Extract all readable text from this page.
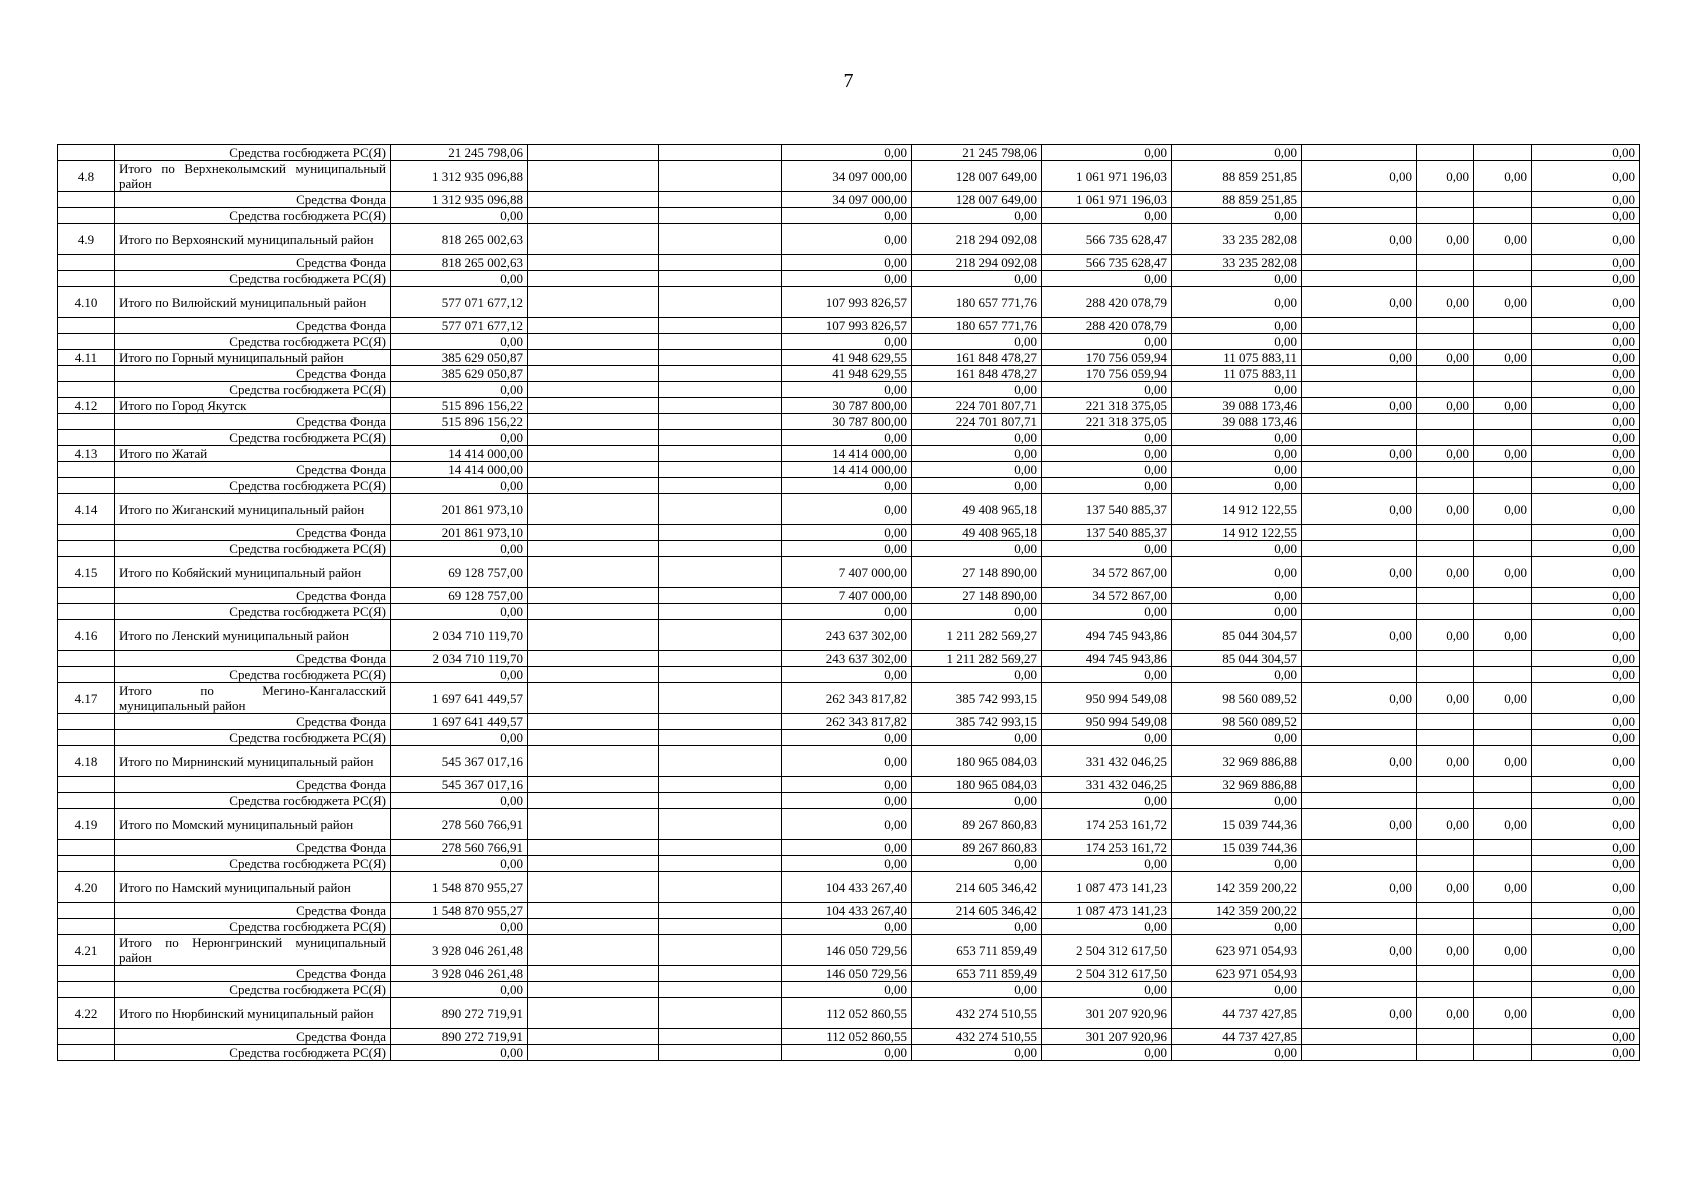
7
	Средства госбюджета РС(Я)	21 245 798,06			0,00	21 245 798,06	0,00	0,00				0,00
4.8	Итого по Верхнеколымский муниципальный район	1 312 935 096,88			34 097 000,00	128 007 649,00	1 061 971 196,03	88 859 251,85	0,00	0,00	0,00	0,00
	Средства Фонда	1 312 935 096,88			34 097 000,00	128 007 649,00	1 061 971 196,03	88 859 251,85				0,00
	Средства госбюджета РС(Я)	0,00			0,00	0,00	0,00	0,00				0,00
4.9	Итого по Верхоянский муниципальный район	818 265 002,63			0,00	218 294 092,08	566 735 628,47	33 235 282,08	0,00	0,00	0,00	0,00
	Средства Фонда	818 265 002,63			0,00	218 294 092,08	566 735 628,47	33 235 282,08				0,00
	Средства госбюджета РС(Я)	0,00			0,00	0,00	0,00	0,00				0,00
4.10	Итого по Вилюйский муниципальный район	577 071 677,12			107 993 826,57	180 657 771,76	288 420 078,79	0,00	0,00	0,00	0,00	0,00
	Средства Фонда	577 071 677,12			107 993 826,57	180 657 771,76	288 420 078,79	0,00				0,00
	Средства госбюджета РС(Я)	0,00			0,00	0,00	0,00	0,00				0,00
4.11	Итого по Горный муниципальный район	385 629 050,87			41 948 629,55	161 848 478,27	170 756 059,94	11 075 883,11	0,00	0,00	0,00	0,00
	Средства Фонда	385 629 050,87			41 948 629,55	161 848 478,27	170 756 059,94	11 075 883,11				0,00
	Средства госбюджета РС(Я)	0,00			0,00	0,00	0,00	0,00				0,00
4.12	Итого по Город Якутск	515 896 156,22			30 787 800,00	224 701 807,71	221 318 375,05	39 088 173,46	0,00	0,00	0,00	0,00
	Средства Фонда	515 896 156,22			30 787 800,00	224 701 807,71	221 318 375,05	39 088 173,46				0,00
	Средства госбюджета РС(Я)	0,00			0,00	0,00	0,00	0,00				0,00
4.13	Итого по Жатай	14 414 000,00			14 414 000,00	0,00	0,00	0,00	0,00	0,00	0,00	0,00
	Средства Фонда	14 414 000,00			14 414 000,00	0,00	0,00	0,00				0,00
	Средства госбюджета РС(Я)	0,00			0,00	0,00	0,00	0,00				0,00
4.14	Итого по Жиганский муниципальный район	201 861 973,10			0,00	49 408 965,18	137 540 885,37	14 912 122,55	0,00	0,00	0,00	0,00
	Средства Фонда	201 861 973,10			0,00	49 408 965,18	137 540 885,37	14 912 122,55				0,00
	Средства госбюджета РС(Я)	0,00			0,00	0,00	0,00	0,00				0,00
4.15	Итого по Кобяйский муниципальный район	69 128 757,00			7 407 000,00	27 148 890,00	34 572 867,00	0,00	0,00	0,00	0,00	0,00
	Средства Фонда	69 128 757,00			7 407 000,00	27 148 890,00	34 572 867,00	0,00				0,00
	Средства госбюджета РС(Я)	0,00			0,00	0,00	0,00	0,00				0,00
4.16	Итого по Ленский муниципальный район	2 034 710 119,70			243 637 302,00	1 211 282 569,27	494 745 943,86	85 044 304,57	0,00	0,00	0,00	0,00
	Средства Фонда	2 034 710 119,70			243 637 302,00	1 211 282 569,27	494 745 943,86	85 044 304,57				0,00
	Средства госбюджета РС(Я)	0,00			0,00	0,00	0,00	0,00				0,00
4.17	Итого по Мегино-Кангаласский муниципальный район	1 697 641 449,57			262 343 817,82	385 742 993,15	950 994 549,08	98 560 089,52	0,00	0,00	0,00	0,00
	Средства Фонда	1 697 641 449,57			262 343 817,82	385 742 993,15	950 994 549,08	98 560 089,52				0,00
	Средства госбюджета РС(Я)	0,00			0,00	0,00	0,00	0,00				0,00
4.18	Итого по Мирнинский муниципальный район	545 367 017,16			0,00	180 965 084,03	331 432 046,25	32 969 886,88	0,00	0,00	0,00	0,00
	Средства Фонда	545 367 017,16			0,00	180 965 084,03	331 432 046,25	32 969 886,88				0,00
	Средства госбюджета РС(Я)	0,00			0,00	0,00	0,00	0,00				0,00
4.19	Итого по Момский муниципальный район	278 560 766,91			0,00	89 267 860,83	174 253 161,72	15 039 744,36	0,00	0,00	0,00	0,00
	Средства Фонда	278 560 766,91			0,00	89 267 860,83	174 253 161,72	15 039 744,36				0,00
	Средства госбюджета РС(Я)	0,00			0,00	0,00	0,00	0,00				0,00
4.20	Итого по Намский муниципальный район	1 548 870 955,27			104 433 267,40	214 605 346,42	1 087 473 141,23	142 359 200,22	0,00	0,00	0,00	0,00
	Средства Фонда	1 548 870 955,27			104 433 267,40	214 605 346,42	1 087 473 141,23	142 359 200,22				0,00
	Средства госбюджета РС(Я)	0,00			0,00	0,00	0,00	0,00				0,00
4.21	Итого по Нерюнгринский муниципальный район	3 928 046 261,48			146 050 729,56	653 711 859,49	2 504 312 617,50	623 971 054,93	0,00	0,00	0,00	0,00
	Средства Фонда	3 928 046 261,48			146 050 729,56	653 711 859,49	2 504 312 617,50	623 971 054,93				0,00
	Средства госбюджета РС(Я)	0,00			0,00	0,00	0,00	0,00				0,00
4.22	Итого по Нюрбинский муниципальный район	890 272 719,91			112 052 860,55	432 274 510,55	301 207 920,96	44 737 427,85	0,00	0,00	0,00	0,00
	Средства Фонда	890 272 719,91			112 052 860,55	432 274 510,55	301 207 920,96	44 737 427,85				0,00
	Средства госбюджета РС(Я)	0,00			0,00	0,00	0,00	0,00				0,00
